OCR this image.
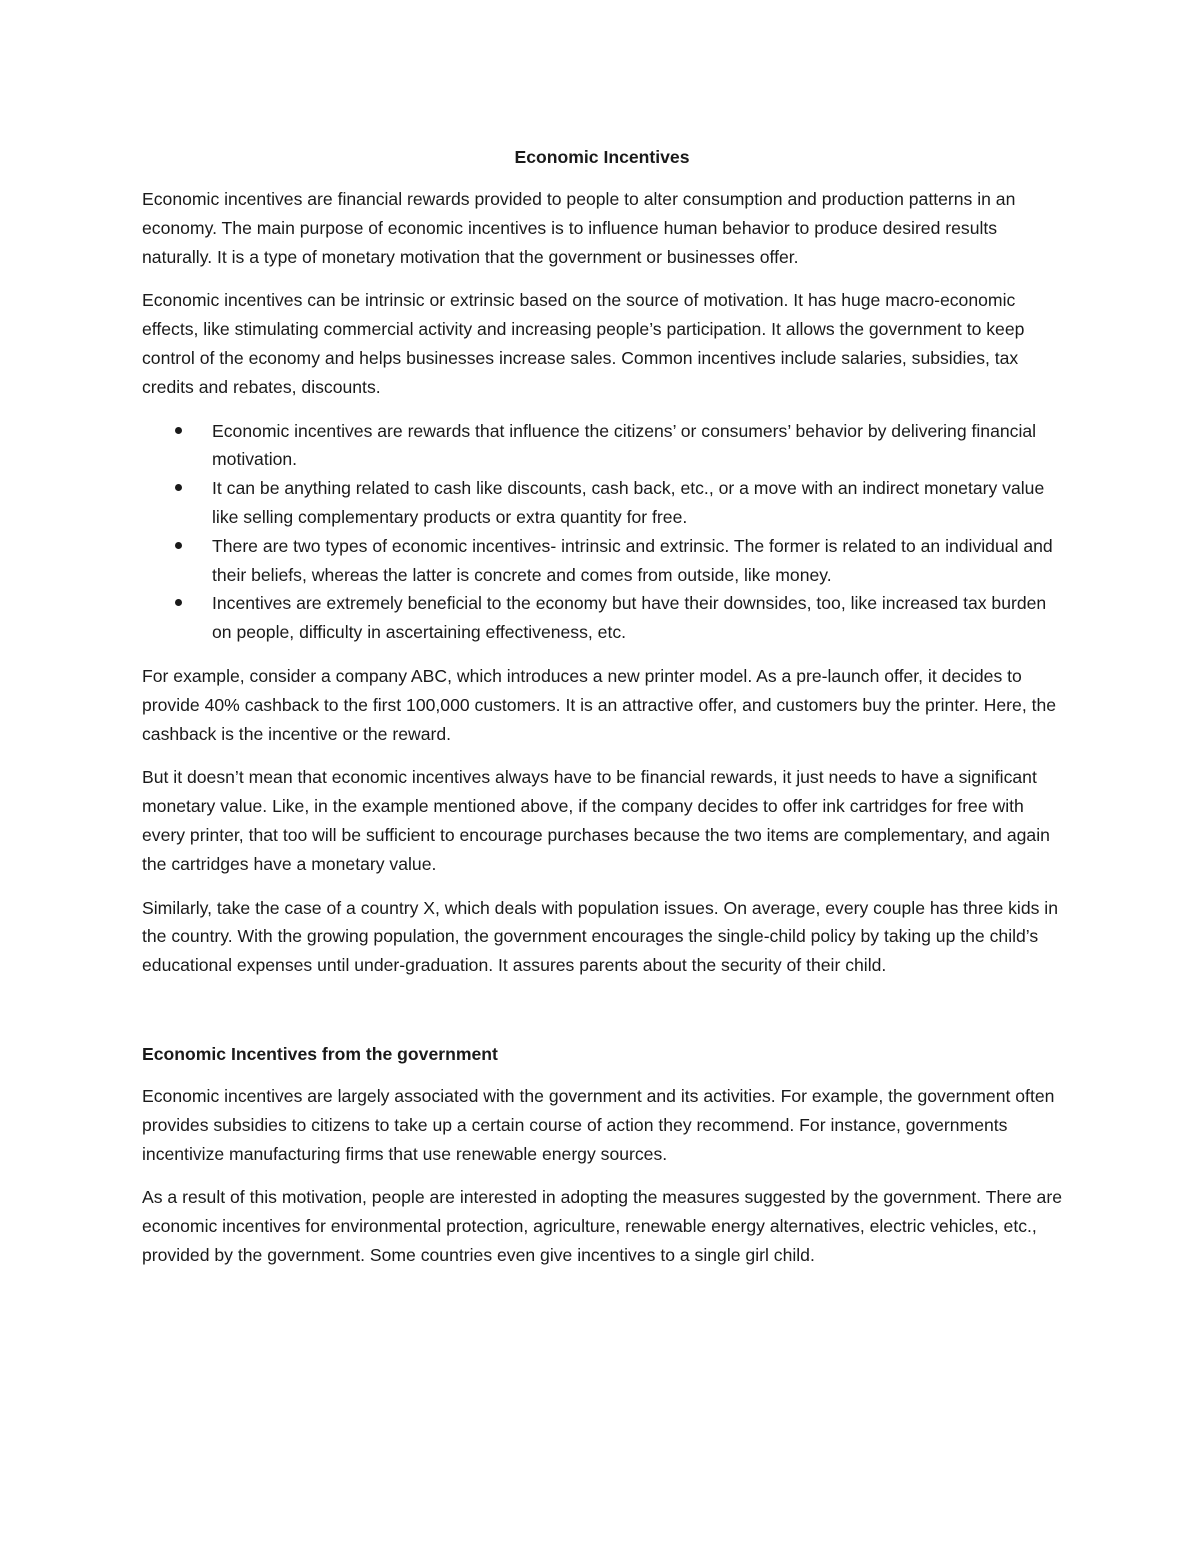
Economic Incentives

Economic incentives are financial rewards provided to people to alter consumption and production patterns in an economy. The main purpose of economic incentives is to influence human behavior to produce desired results naturally. It is a type of monetary motivation that the government or businesses offer.

Economic incentives can be intrinsic or extrinsic based on the source of motivation. It has huge macro-economic effects, like stimulating commercial activity and increasing people’s participation. It allows the government to keep control of the economy and helps businesses increase sales. Common incentives include salaries, subsidies, tax credits and rebates, discounts.

Economic incentives are rewards that influence the citizens’ or consumers’ behavior by delivering financial motivation.
It can be anything related to cash like discounts, cash back, etc., or a move with an indirect monetary value like selling complementary products or extra quantity for free.
There are two types of economic incentives- intrinsic and extrinsic. The former is related to an individual and their beliefs, whereas the latter is concrete and comes from outside, like money.
Incentives are extremely beneficial to the economy but have their downsides, too, like increased tax burden on people, difficulty in ascertaining effectiveness, etc.

For example, consider a company ABC, which introduces a new printer model. As a pre-launch offer, it decides to provide 40% cashback to the first 100,000 customers. It is an attractive offer, and customers buy the printer. Here, the cashback is the incentive or the reward.

But it doesn’t mean that economic incentives always have to be financial rewards, it just needs to have a significant monetary value. Like, in the example mentioned above, if the company decides to offer ink cartridges for free with every printer, that too will be sufficient to encourage purchases because the two items are complementary, and again the cartridges have a monetary value.

Similarly, take the case of a country X, which deals with population issues. On average, every couple has three kids in the country. With the growing population, the government encourages the single-child policy by taking up the child’s educational expenses until under-graduation. It assures parents about the security of their child.

Economic Incentives from the government

Economic incentives are largely associated with the government and its activities. For example, the government often provides subsidies to citizens to take up a certain course of action they recommend. For instance, governments incentivize manufacturing firms that use renewable energy sources.

As a result of this motivation, people are interested in adopting the measures suggested by the government. There are economic incentives for environmental protection, agriculture, renewable energy alternatives, electric vehicles, etc., provided by the government. Some countries even give incentives to a single girl child.
